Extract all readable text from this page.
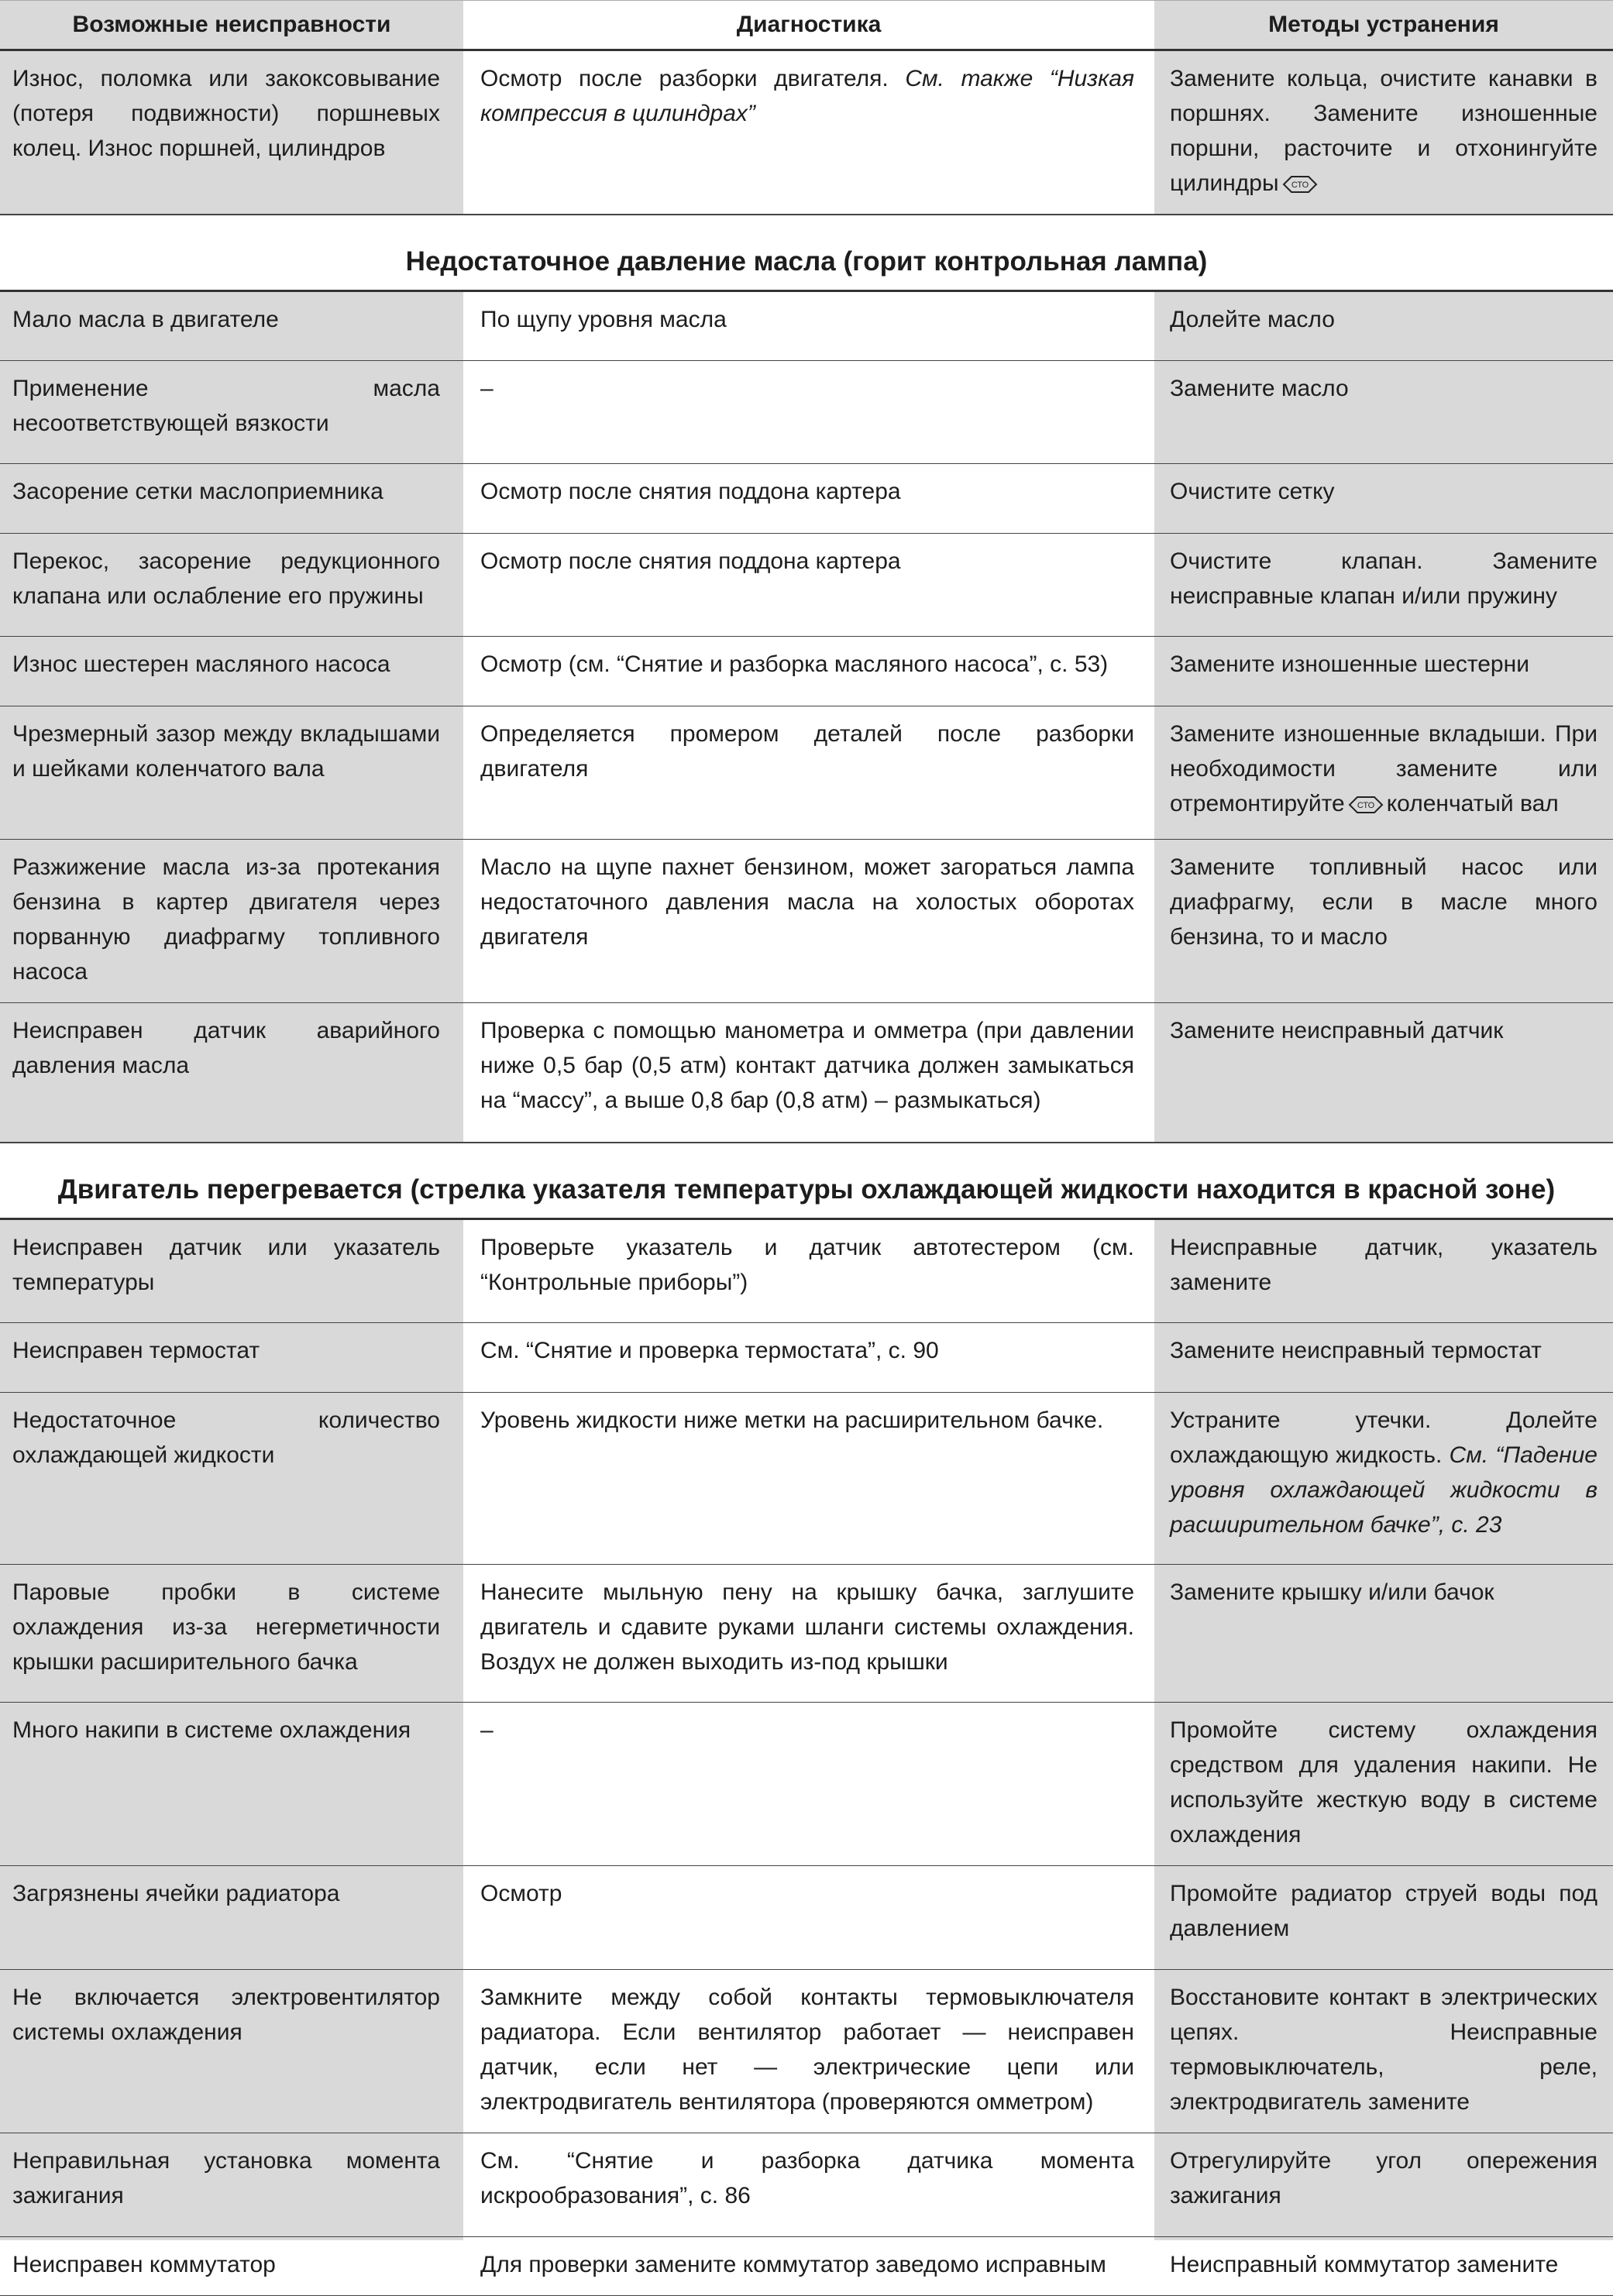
Возможные неисправности	Диагностика	Методы устранения
Износ, поломка или закоксовывание (потеря подвижности) поршневых колец. Износ поршней, цилиндров	Осмотр после разборки двигателя. См. также “Низкая компрессия в цилиндрах”	Замените кольца, очистите канавки в поршнях. Замените изношенные поршни, расточите и отхонингуйте цилиндры СТО

Недостаточное давление масла (горит контрольная лампа)		
Мало масла в двигателе	По щупу уровня масла	Долейте масло
Применение масла несоответствующей вязкости	–	Замените масло
Засорение сетки маслоприемника	Осмотр после снятия поддона картера	Очистите сетку
Перекос, засорение редукционного клапана или ослабление его пружины	Осмотр после снятия поддона картера	Очистите клапан. Замените неисправные клапан и/или пружину
Износ шестерен масляного насоса	Осмотр (см. “Снятие и разборка масляного насоса”, с. 53)	Замените изношенные шестерни
Чрезмерный зазор между вкладышами и шейками коленчатого вала	Определяется промером деталей после разборки двигателя	Замените изношенные вкладыши. При необходимости замените или отремонтируйте СТО коленчатый вал
Разжижение масла из-за протекания бензина в картер двигателя через порванную диафрагму топливного насоса	Масло на щупе пахнет бензином, может загораться лампа недостаточного давления масла на холостых оборотах двигателя	Замените топливный насос или диафрагму, если в масле много бензина, то и масло
Неисправен датчик аварийного давления масла	Проверка с помощью манометра и омметра (при давлении ниже 0,5 бар (0,5 атм) контакт датчика должен замыкаться на “массу”, а выше 0,8 бар (0,8 атм) – размыкаться)	Замените неисправный датчик
Двигатель перегревается (стрелка указателя температуры охлаждающей жидкости находится в красной зоне)		
Неисправен датчик или указатель температуры	Проверьте указатель и датчик автотестером (см. “Контрольные приборы”)	Неисправные датчик, указатель замените
Неисправен термостат	См. “Снятие и проверка термостата”, с. 90	Замените неисправный термостат
Недостаточное количество охлаждающей жидкости	Уровень жидкости ниже метки на расширительном бачке.	Устраните утечки. Долейте охлаждающую жидкость. См. “Падение уровня охлаждающей жидкости в расширительном бачке”, с. 23
Паровые пробки в системе охлаждения из-за негерметичности крышки расширительного бачка	Нанесите мыльную пену на крышку бачка, заглушите двигатель и сдавите руками шланги системы охлаждения. Воздух не должен выходить из-под крышки	Замените крышку и/или бачок
Много накипи в системе охлаждения	–	Промойте систему охлаждения средством для удаления накипи. Не используйте жесткую воду в системе охлаждения
Загрязнены ячейки радиатора	Осмотр	Промойте радиатор струей воды под давлением
Не включается электровентилятор системы охлаждения	Замкните между собой контакты термовыключателя радиатора. Если вентилятор работает — неисправен датчик, если нет — электрические цепи или электродвигатель вентилятора (проверяются омметром)	Восстановите контакт в электрических цепях. Неисправные термовыключатель, реле, электродвигатель замените
Неправильная установка момента зажигания	См. “Снятие и разборка датчика момента искрообразования”, с. 86	Отрегулируйте угол опережения зажигания
Неисправен коммутатор	Для проверки замените коммутатор заведомо исправным	Неисправный коммутатор замените
